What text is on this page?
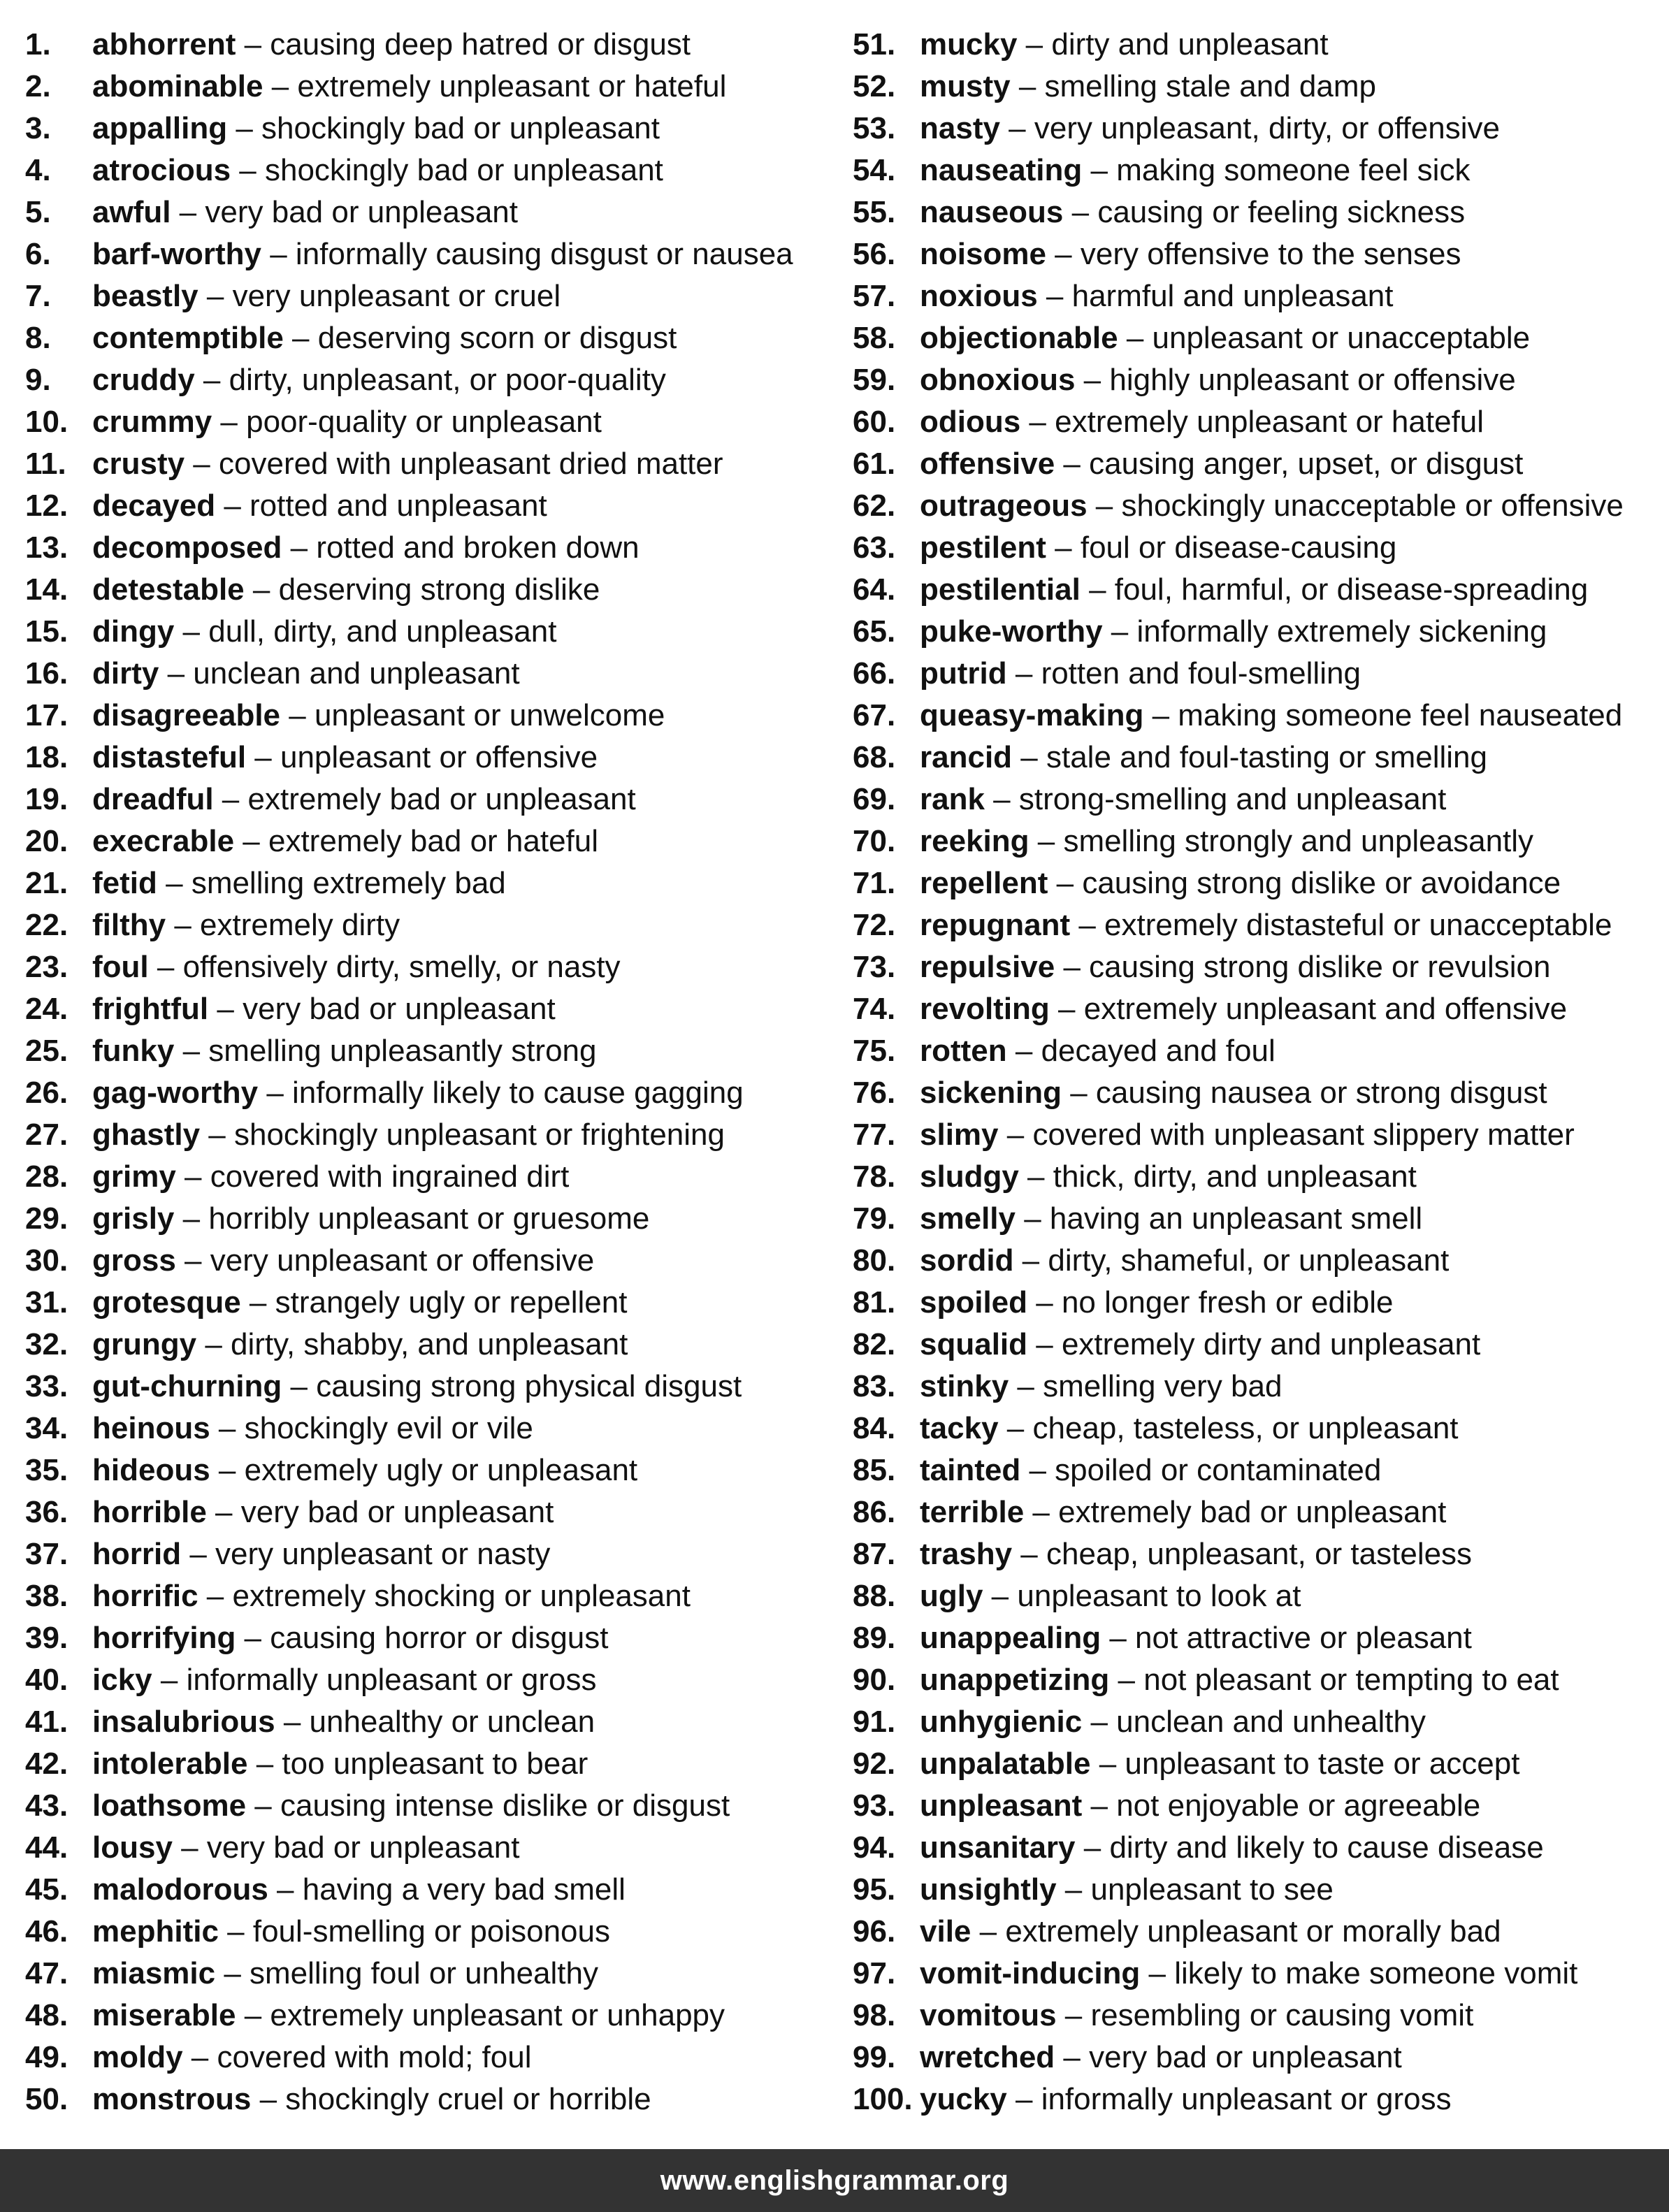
1. abhorrent – causing deep hatred or disgust
2. abominable – extremely unpleasant or hateful
3. appalling – shockingly bad or unpleasant
4. atrocious – shockingly bad or unpleasant
5. awful – very bad or unpleasant
6. barf-worthy – informally causing disgust or nausea
7. beastly – very unpleasant or cruel
8. contemptible – deserving scorn or disgust
9. cruddy – dirty, unpleasant, or poor-quality
10. crummy – poor-quality or unpleasant
11. crusty – covered with unpleasant dried matter
12. decayed – rotted and unpleasant
13. decomposed – rotted and broken down
14. detestable – deserving strong dislike
15. dingy – dull, dirty, and unpleasant
16. dirty – unclean and unpleasant
17. disagreeable – unpleasant or unwelcome
18. distasteful – unpleasant or offensive
19. dreadful – extremely bad or unpleasant
20. execrable – extremely bad or hateful
21. fetid – smelling extremely bad
22. filthy – extremely dirty
23. foul – offensively dirty, smelly, or nasty
24. frightful – very bad or unpleasant
25. funky – smelling unpleasantly strong
26. gag-worthy – informally likely to cause gagging
27. ghastly – shockingly unpleasant or frightening
28. grimy – covered with ingrained dirt
29. grisly – horribly unpleasant or gruesome
30. gross – very unpleasant or offensive
31. grotesque – strangely ugly or repellent
32. grungy – dirty, shabby, and unpleasant
33. gut-churning – causing strong physical disgust
34. heinous – shockingly evil or vile
35. hideous – extremely ugly or unpleasant
36. horrible – very bad or unpleasant
37. horrid – very unpleasant or nasty
38. horrific – extremely shocking or unpleasant
39. horrifying – causing horror or disgust
40. icky – informally unpleasant or gross
41. insalubrious – unhealthy or unclean
42. intolerable – too unpleasant to bear
43. loathsome – causing intense dislike or disgust
44. lousy – very bad or unpleasant
45. malodorous – having a very bad smell
46. mephitic – foul-smelling or poisonous
47. miasmic – smelling foul or unhealthy
48. miserable – extremely unpleasant or unhappy
49. moldy – covered with mold; foul
50. monstrous – shockingly cruel or horrible
51. mucky – dirty and unpleasant
52. musty – smelling stale and damp
53. nasty – very unpleasant, dirty, or offensive
54. nauseating – making someone feel sick
55. nauseous – causing or feeling sickness
56. noisome – very offensive to the senses
57. noxious – harmful and unpleasant
58. objectionable – unpleasant or unacceptable
59. obnoxious – highly unpleasant or offensive
60. odious – extremely unpleasant or hateful
61. offensive – causing anger, upset, or disgust
62. outrageous – shockingly unacceptable or offensive
63. pestilent – foul or disease-causing
64. pestilential – foul, harmful, or disease-spreading
65. puke-worthy – informally extremely sickening
66. putrid – rotten and foul-smelling
67. queasy-making – making someone feel nauseated
68. rancid – stale and foul-tasting or smelling
69. rank – strong-smelling and unpleasant
70. reeking – smelling strongly and unpleasantly
71. repellent – causing strong dislike or avoidance
72. repugnant – extremely distasteful or unacceptable
73. repulsive – causing strong dislike or revulsion
74. revolting – extremely unpleasant and offensive
75. rotten – decayed and foul
76. sickening – causing nausea or strong disgust
77. slimy – covered with unpleasant slippery matter
78. sludgy – thick, dirty, and unpleasant
79. smelly – having an unpleasant smell
80. sordid – dirty, shameful, or unpleasant
81. spoiled – no longer fresh or edible
82. squalid – extremely dirty and unpleasant
83. stinky – smelling very bad
84. tacky – cheap, tasteless, or unpleasant
85. tainted – spoiled or contaminated
86. terrible – extremely bad or unpleasant
87. trashy – cheap, unpleasant, or tasteless
88. ugly – unpleasant to look at
89. unappealing – not attractive or pleasant
90. unappetizing – not pleasant or tempting to eat
91. unhygienic – unclean and unhealthy
92. unpalatable – unpleasant to taste or accept
93. unpleasant – not enjoyable or agreeable
94. unsanitary – dirty and likely to cause disease
95. unsightly – unpleasant to see
96. vile – extremely unpleasant or morally bad
97. vomit-inducing – likely to make someone vomit
98. vomitous – resembling or causing vomit
99. wretched – very bad or unpleasant
100. yucky – informally unpleasant or gross
www.englishgrammar.org
